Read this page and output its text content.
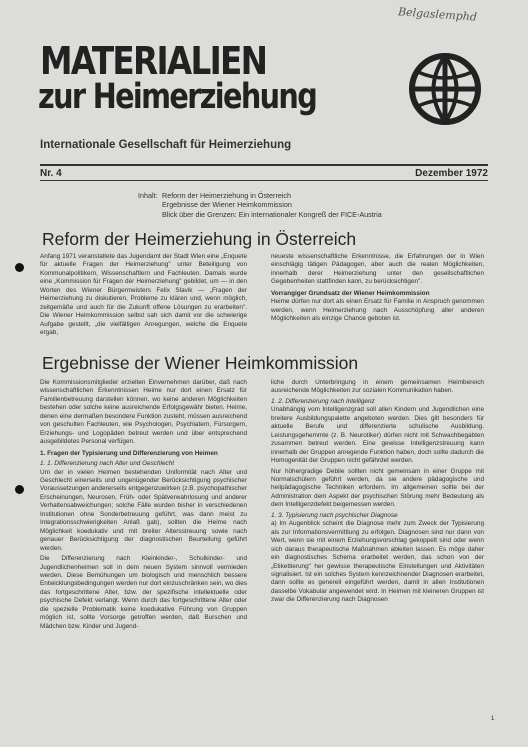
Belgaslemphd
MATERIALIEN
zur Heimerziehung
Internationale Gesellschaft für Heimerziehung
Nr. 4	Dezember 1972
Inhalt: Reform der Heimerziehung in Österreich
Ergebnisse der Wiener Heimkommission
Blick über die Grenzen: Ein internationaler Kongreß der FICE-Austria
Reform der Heimerziehung in Österreich

Anfang 1971 veranstaltete das Jugendamt der Stadt Wien eine „Enquete für aktuelle Fragen der Heimerziehung" unter Beteiligung von Kommunalpolitikern, Wissenschaftlern und Fachleuten. Damals wurde eine „Kommission für Fragen der Heimerziehung" gebildet, um — in den Worten des Wiener Bürgermeisters Felix Slavik — „Fragen der Heimerziehung zu diskutieren, Probleme zu klären und, wenn möglich, zeitgemäße und auch für die Zukunft offene Lösungen zu erarbeiten". Die Wiener Heimkommission selbst sah sich damit vor die schwierige Aufgabe gestellt, „die vielfältigen Anregungen, welche die Enquete ergab,

neueste wissenschaftliche Erkenntnisse, die Erfahrungen der in Wien einschlägig tätigen Pädagogen, aber auch die realen Möglichkeiten, innerhalb derer Heimerziehung unter den gesellschaftlichen Gegebenheiten stattfinden kann, zu berücksichtigen".

Vorrangiger Grundsatz der Wiener Heimkommission

Heime dürfen nur dort als einen Ersatz für Familie in Anspruch genommen werden, wenn Heimerziehung nach Ausschöpfung aller anderen Möglichkeiten als einzige Chance geboten ist.

Ergebnisse der Wiener Heimkommission

Die Kommissionsmitglieder erzielten Einvernehmen darüber, daß nach wissenschaftlichen Erkenntnissen Heime nur dort einen Ersatz für Familienbetreuung darstellen können, wo keine anderen Möglichkeiten bestehen oder solche keine ausreichende Erfolgsgewähr bieten. Heime, denen eine dermaßen besondere Funktion zusteht, müssen ausreichend von geschulten Fachleuten, wie Psychologen, Psychiatern, Fürsorgern, Erziehungs- und Logopäden betreut werden und über entsprechend ausgebildetes Personal verfügen.

1. Fragen der Typisierung und Differenzierung von Heimen

1. 1. Differenzierung nach Alter und Geschlecht

Um der in vielen Heimen bestehenden Uniformität nach Alter und Geschlecht einerseits und ungenügender Berücksichtigung psychischer Voraussetzungen andererseits entgegenzuwirken (z.B. psychopathischer Erscheinungen, Neurosen, Früh- oder Spätverwahrlosung und anderer Verhaltensabweichungen; solche Fälle wurden bisher in verschiedenen Institutionen ohne Sonderbetreuung geführt, was dann meist zu Integrationsschwierigkeiten Anlaß gab), sollten die Heime nach Möglichkeit koedukativ und mit breiter Altersstreuung sowie nach genauer Berücksichtigung der diagnostischen Beurteilung geführt werden.

Die Differenzierung nach Kleinkinder-, Schulkinder- und Jugendlichenheimen soll in dem neuen System sinnvoll vermieden werden. Diese Bemühungen um biologisch und menschlich bessere Entwicklungsbedingungen werden nur dort einzuschränken sein, wo dies das fortgeschrittene Alter, bzw. der spezifische intellektuelle oder psychische Defekt verlangt. Wenn durch das fortgeschrittene Alter oder die spezielle Problematik keine koedukative Führung von Gruppen möglich ist, sollte Vorsorge getroffen werden, daß Burschen und Mädchen bzw. Kinder und Jugend-

liche durch Unterbringung in einem gemeinsamen Heimbereich ausreichende Möglichkeiten zur sozialen Kommunikation haben.

1. 2. Differenzierung nach Intelligenz

Unabhängig vom Intelligenzgrad soll allen Kindern und Jugendlichen eine breitere Ausbildungspalette angeboten werden. Dies gilt besonders für aktuelle Berufe und differenzierte schulische Ausbildung. Leistungsgehemmte (z. B. Neurotiker) dürfen nicht mit Schwachbegabten zusammen betreut werden. Eine gewisse Intelligenzstreuung kann innerhalb der Gruppen anregende Funktion haben, doch sollte dadurch die Homogenität der Gruppen nicht gefährdet werden.

Nur höhergradige Debile sollten nicht gemeinsam in einer Gruppe mit Normalschülern geführt werden, da sie andere pädagogische und heilpädagogische Techniken erfordern. Im allgemeinen sollte bei der Administration dem Aspekt der psychischen Störung mehr Bedeutung als dem Intelligenzdefekt beigemessen werden.

1. 3. Typisierung nach psychischer Diagnose

a) Im Augenblick scheint die Diagnose mehr zum Zweck der Typisierung als zur Informationsvermittlung zu erfolgen. Diagnosen sind nur dann von Wert, wenn sie mit einem Erziehungsvorschlag gekoppelt sind oder wenn sich daraus therapeutische Maßnahmen ableiten lassen. Es möge daher ein diagnostisches Schema erarbeitet werden, das schon von der „Etikettierung" her gewisse therapeutische Einstellungen und Aktivitäten signalisiert. Ist ein solches System kennzeichnender Diagnosen erarbeitet, dann sollte es generell eingeführt werden, damit in allen Institutionen dasselbe Vokabular angewendet wird. In Heimen mit kleineren Gruppen ist zwar die Differenzierung nach Diagnosen

1
